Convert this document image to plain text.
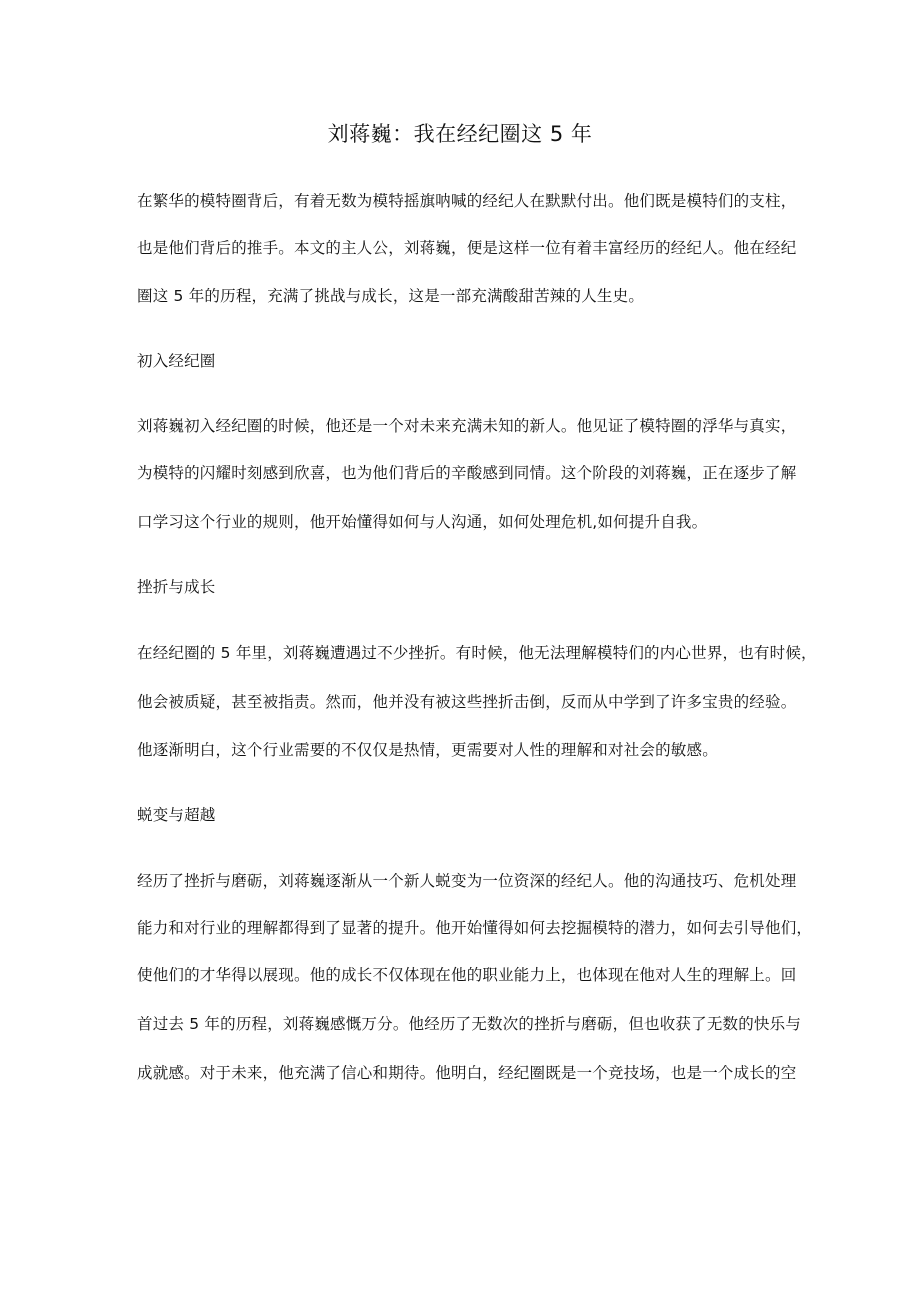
刘蒋巍：我在经纪圈这 5 年
在繁华的模特圈背后，有着无数为模特摇旗呐喊的经纪人在默默付出。他们既是模特们的支柱，
也是他们背后的推手。本文的主人公，刘蒋巍，便是这样一位有着丰富经历的经纪人。他在经纪
圈这 5 年的历程，充满了挑战与成长，这是一部充满酸甜苦辣的人生史。
初入经纪圈
刘蒋巍初入经纪圈的时候，他还是一个对未来充满未知的新人。他见证了模特圈的浮华与真实，
为模特的闪耀时刻感到欣喜，也为他们背后的辛酸感到同情。这个阶段的刘蒋巍，正在逐步了解
口学习这个行业的规则，他开始懂得如何与人沟通，如何处理危机,如何提升自我。
挫折与成长
在经纪圈的 5 年里，刘蒋巍遭遇过不少挫折。有时候，他无法理解模特们的内心世界，也有时候，
他会被质疑，甚至被指责。然而，他并没有被这些挫折击倒，反而从中学到了许多宝贵的经验。
他逐渐明白，这个行业需要的不仅仅是热情，更需要对人性的理解和对社会的敏感。
蜕变与超越
经历了挫折与磨砺，刘蒋巍逐渐从一个新人蜕变为一位资深的经纪人。他的沟通技巧、危机处理
能力和对行业的理解都得到了显著的提升。他开始懂得如何去挖掘模特的潜力，如何去引导他们，
使他们的才华得以展现。他的成长不仅体现在他的职业能力上，也体现在他对人生的理解上。回
首过去 5 年的历程，刘蒋巍感慨万分。他经历了无数次的挫折与磨砺，但也收获了无数的快乐与
成就感。对于未来，他充满了信心和期待。他明白，经纪圈既是一个竞技场，也是一个成长的空
